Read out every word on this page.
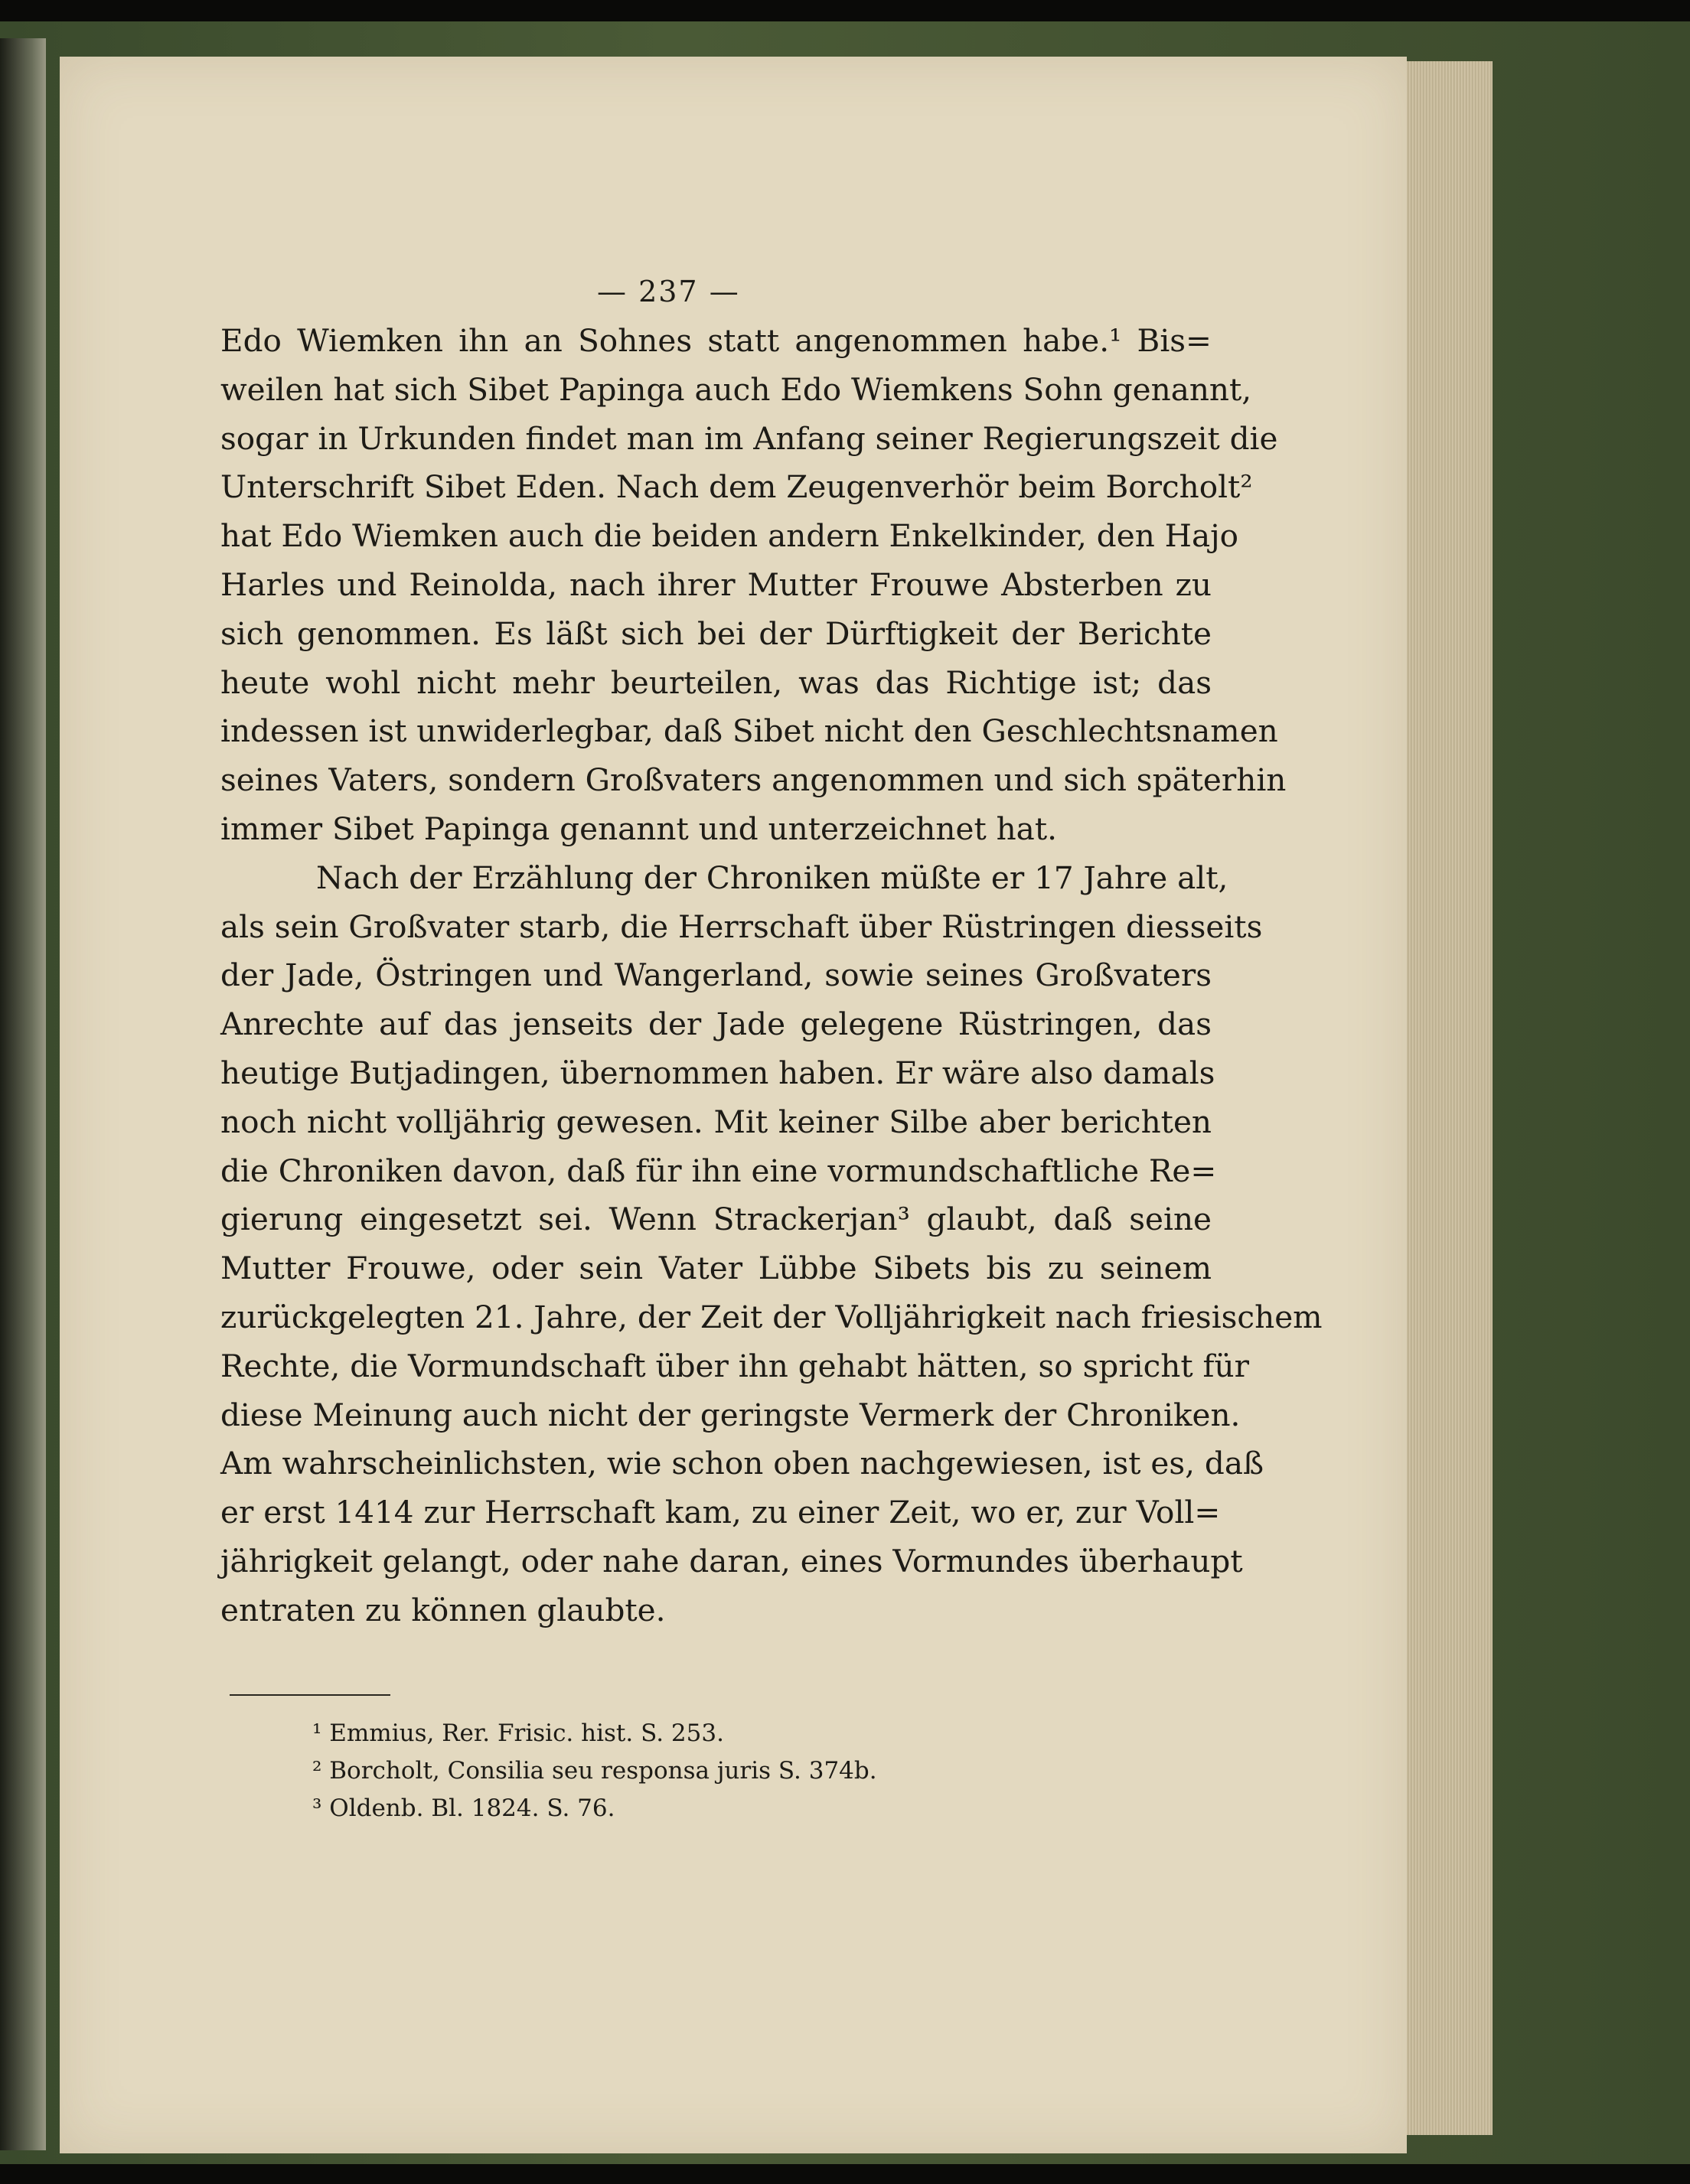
— 237 —
Edo Wiemken ihn an Sohnes statt angenommen habe.¹ Bis=
weilen hat sich Sibet Papinga auch Edo Wiemkens Sohn genannt,
sogar in Urkunden findet man im Anfang seiner Regierungszeit die
Unterschrift Sibet Eden. Nach dem Zeugenverhör beim Borcholt²
hat Edo Wiemken auch die beiden andern Enkelkinder, den Hajo
Harles und Reinolda, nach ihrer Mutter Frouwe Absterben zu
sich genommen. Es läßt sich bei der Dürftigkeit der Berichte
heute wohl nicht mehr beurteilen, was das Richtige ist; das
indessen ist unwiderlegbar, daß Sibet nicht den Geschlechtsnamen
seines Vaters, sondern Großvaters angenommen und sich späterhin
immer Sibet Papinga genannt und unterzeichnet hat.
Nach der Erzählung der Chroniken müßte er 17 Jahre alt,
als sein Großvater starb, die Herrschaft über Rüstringen diesseits
der Jade, Östringen und Wangerland, sowie seines Großvaters
Anrechte auf das jenseits der Jade gelegene Rüstringen, das
heutige Butjadingen, übernommen haben. Er wäre also damals
noch nicht volljährig gewesen. Mit keiner Silbe aber berichten
die Chroniken davon, daß für ihn eine vormundschaftliche Re=
gierung eingesetzt sei. Wenn Strackerjan³ glaubt, daß seine
Mutter Frouwe, oder sein Vater Lübbe Sibets bis zu seinem
zurückgelegten 21. Jahre, der Zeit der Volljährigkeit nach friesischem
Rechte, die Vormundschaft über ihn gehabt hätten, so spricht für
diese Meinung auch nicht der geringste Vermerk der Chroniken.
Am wahrscheinlichsten, wie schon oben nachgewiesen, ist es, daß
er erst 1414 zur Herrschaft kam, zu einer Zeit, wo er, zur Voll=
jährigkeit gelangt, oder nahe daran, eines Vormundes überhaupt
entraten zu können glaubte.
¹ Emmius, Rer. Frisic. hist. S. 253.
² Borcholt, Consilia seu responsa juris S. 374b.
³ Oldenb. Bl. 1824. S. 76.
